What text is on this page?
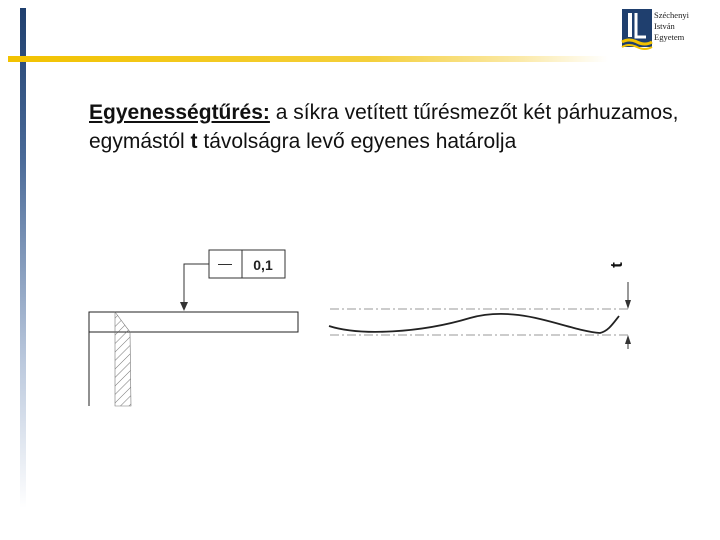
Széchenyi
István
Egyetem
Egyenességtűrés: a síkra vetített tűrésmezőt két párhuzamos, egymástól t távolságra levő egyenes határolja
— 0,1	t
